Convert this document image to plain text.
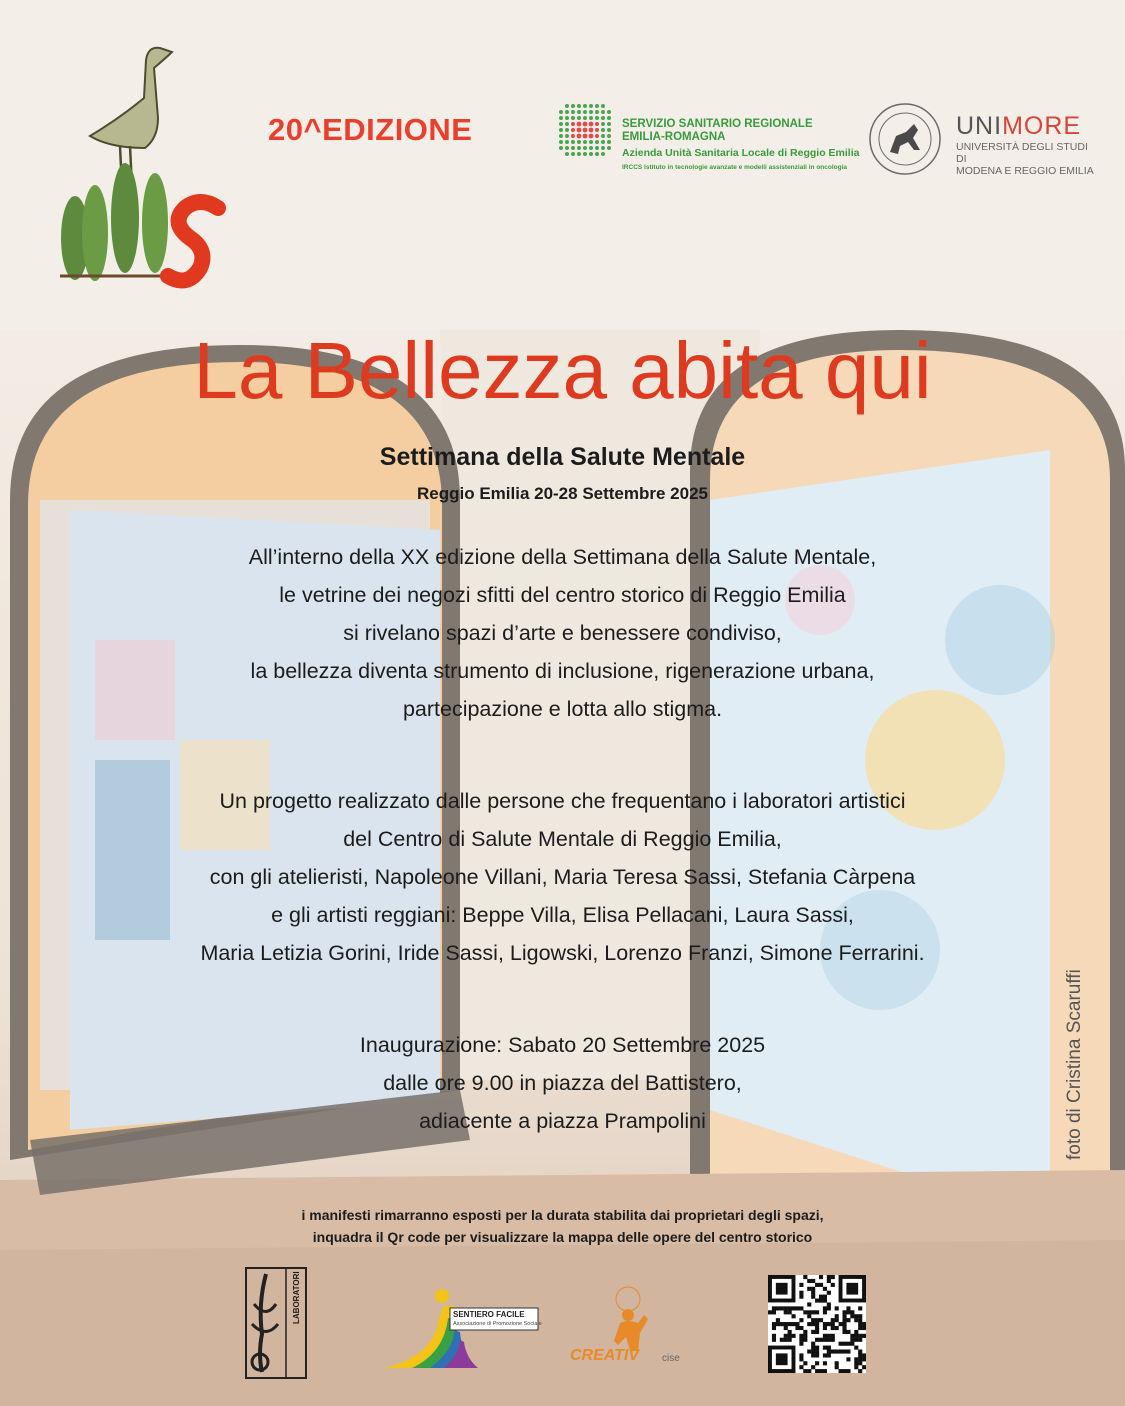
20^EDIZIONE	SERVIZIO SANITARIO REGIONALE
EMILIA-ROMAGNA
Azienda Unità Sanitaria Locale di Reggio Emilia
IRCCS Istituto in tecnologie avanzate e modelli assistenziali in oncologia
UNIMORE
UNIVERSITÀ DEGLI STUDI DI
MODENA E REGGIO EMILIA
La Bellezza abita qui
Settimana della Salute Mentale
Reggio Emilia 20-28 Settembre 2025
All’interno della XX edizione della Settimana della Salute Mentale,
le vetrine dei negozi sfitti del centro storico di Reggio Emilia
si rivelano spazi d’arte e benessere condiviso,
la bellezza diventa strumento di inclusione, rigenerazione urbana,
partecipazione e lotta allo stigma.
Un progetto realizzato dalle persone che frequentano i laboratori artistici
del Centro di Salute Mentale di Reggio Emilia,
con gli atelieristi, Napoleone Villani, Maria Teresa Sassi, Stefania Càrpena
e gli artisti reggiani: Beppe Villa, Elisa Pellacani, Laura Sassi,
Maria Letizia Gorini, Iride Sassi, Ligowski, Lorenzo Franzi, Simone Ferrarini.
Inaugurazione: Sabato 20 Settembre 2025
dalle ore 9.00 in piazza del Battistero,
adiacente a piazza Prampolini	foto di Cristina Scaruffi
i manifesti rimarranno esposti per la durata stabilita dai proprietari degli spazi,
inquadra il Qr code per visualizzare la mappa delle opere del centro storico
LABORATORI	SENTIERO FACILE
Associazione di Promozione Sociale
CREATIV cise
